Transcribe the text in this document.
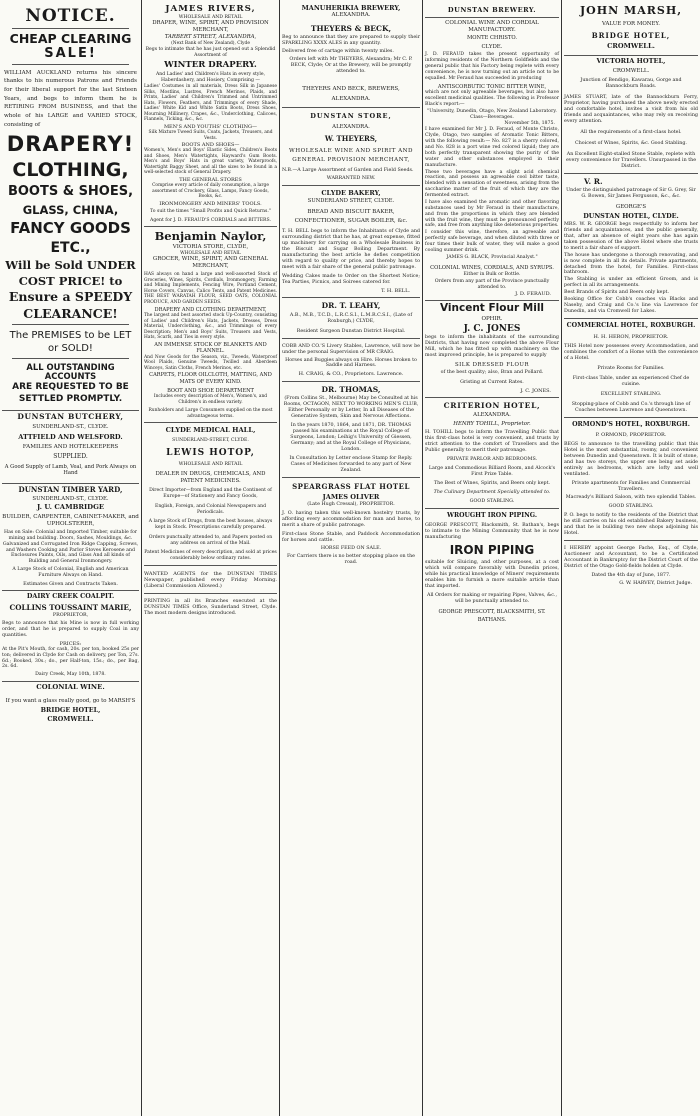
NOTICE.
CHEAP CLEARING
SALE!

WILLIAM AUCKLAND returns his sincere thanks to his numerous Patrons and Friends for their liberal support for the last Sixteen Years, and begs to inform them he is RETIRING FROM BUSINESS, and that the whole of his LARGE and VARIED STOCK, consisting of

DRAPERY!
CLOTHING,
BOOTS & SHOES,
GLASS, CHINA,
FANCY GOODS
ETC.,
Will be Sold UNDER
COST PRICE! to
Ensure a SPEEDY
CLEARANCE!
The PREMISES to be LET
or SOLD!
ALL OUTSTANDING ACCOUNTS
ARE REQUESTED TO BE
SETTLED PROMPTLY.
DUNSTAN BUTCHERY,
SUNDERLAND-ST., CLYDE.
ATTFIELD AND WELSFORD.
FAMILIES AND HOTELKEEPERS
SUPPLIED.
A Good Supply of Lamb, Veal, and Pork Always on Hand
DUNSTAN TIMBER YARD,
SUNDERLAND-ST., CLYDE.
J. U. CAMBRIDGE
BUILDER, CARPENTER, CABINET-MAKER, and UPHOLSTERER,

Has on Sale: Colonial and Imported Timber, suitable for mining and building. Doors, Sashes, Mouldings, &c. Galvanized and Corrugated Iron Ridge Capping, Screws, and Washers Cooking and Parlor Stoves Kerosene and Enclosures Paints, Oils, and Glass And all kinds of Building and General Ironmongery.

A Large Stock of Colonial, English and American Furniture Always on Hand.

Estimates Given and Contracts Taken.

DAIRY CREEK COALPIT.
COLLINS TOUSSAINT MARIE,
PROPRIETOR,

Begs to announce that his Mine is now in full working order, and that he is prepared to supply Coal in any quantities.

PRICES:

At the Pit's Mouth, for cash, 20s. per ton, booked 25s per ton; delivered in Clyde for Cash on delivery, per Ton, 27s. 6d.; Booked, 30s.; do., per Half-ton, 15s.; do., per Bag, 2s. 6d.

Dairy Creek, May 10th, 1878.

COLONIAL WINE.

If you want a glass really good, go to MARSH'S

BRIDGE HOTEL,
CROMWELL.
JAMES RIVERS,
WHOLESALE AND RETAIL
DRAPER, WINE, SPIRIT, AND PROVISION MERCHANT,
TARBERT STREET, ALEXANDRA,
(Next Bank of New Zealand), Clyde

Begs to intimate that he has just opened out a Splendid Assortment of

WINTER DRAPERY.

And Ladies' and Children's Hats in every style, Haberdashery, and Hosiery, Comprising —

Ladies' Costumes in all materials, Dress Silk in Japanese Silks, Mostlins, Lustres, French Merinos, Plaids, and Prints, Ladies' and Children's Trimmed and Untrimmed Hats, Flowers, Feathers, and Trimmings of every Shade, Ladies' White Kid and White Satin Boots, Dress Shoes, Mourning Millinery, Crapes, &c., Underclothing, Calicoes, Flannels, Ticking, &c., &c.

MEN'S AND YOUTHS' CLOTHING—

Silk Mixture Tweed Suits, Coats, Jackets, Trousers, and Vests.

BOOTS AND SHOES—

Women's, Men's and Boys' Elastic Sides, Children's Boots and Shoes, Men's Watertights, Hayward's Gum Boots. Men's and Boys' Hats in great variety, Waterproofs, Watertight Baggy Sheet, and all the sizes to be found in a well-selected stock of General Drapery.

THE GENERAL STORES

Comprise every article of daily consumption, a large assortment of Crockery, Glass, Lamps, Fancy Goods, Books, &c.

IRONMONGERY AND MINERS' TOOLS.

To suit the times "Small Profits and Quick Returns."

Agent for J. D. FERAUD'S CORDIALS and BITTERS.

Benjamin Naylor,
VICTORIA STORE, CLYDE,
WHOLESALE AND RETAIL
GROCER, WINE, SPIRIT, AND GENERAL MERCHANT,

HAS always on hand a large and well-assorted Stock of Groceries, Wines, Spirits, Cordials, Ironmongery, Farming and Mining Implements, Fencing Wire, Portland Cement, Horse Covers, Canvas, Calico Tents, and Patent Medicines. THE BEST WARATAH FLOUR, SEED OATS, COLONIAL PRODUCE, AND GARDEN SEEDS.

DRAPERY AND CLOTHING DEPARTMENT,

The largest and best assorted stock Up-Country, consisting of Ladies' and Children's Hats, Jackets, Dresses, Dress Material, Underclothing, &c., and Trimmings of every Description; Men's and Boys' Suits, Trousers and Vests, Hats, Scarfs, and Ties in every style.

AN IMMENSE STOCK OF BLANKETS AND FLANNEL.

And Now Goods for the Season, viz., Tweeds, Waterproof Wool Plaids, Genuine Tweeds, Twilled and Aberdeen Winceys, Satin Cloths, French Merinos, etc.

CARPETS, FLOOR OILCLOTH, MATTING, AND MATS OF EVERY KIND.
BOOT AND SHOE DEPARTMENT

Includes every description of Men's, Women's, and Children's in endless variety.

Runholders and Large Consumers supplied on the most advantageous terms.

CLYDE MEDICAL HALL,
SUNDERLAND-STREET, CLYDE.
LEWIS HOTOP,
WHOLESALE AND RETAIL
DEALER IN DRUGS, CHEMICALS, AND PATENT MEDICINES.

Direct Importer—from England and the Continent of Europe—of Stationery and Fancy Goods,

English, Foreign, and Colonial Newspapers and Periodicals.

A large Stock of Drugs, from the best houses, always kept in Stock. Prescriptions carefully prepared.

Orders punctually attended to, and Papers posted on any address on arrival of the Mail.

Patent Medicines of every description, and sold at prices considerably below ordinary rates.

WANTED AGENTS for the DUNSTAN TIMES Newspaper, published every Friday Morning. (Liberal Commission Allowed.)

PRINTING in all its Branches executed at the DUNSTAN TIMES Office, Sunderland Street, Clyde. The most modern designs introduced.

MANUHERIKIA BREWERY,
ALEXANDRA.
THEYERS & BECK,

Beg to announce that they are prepared to supply their SPARKLING XXXX ALES in any quantity.

Delivered free of cartage within twenty miles.

Orders left with Mr THEYERS, Alexandra; Mr C. P. BECK, Clyde; Or at the Brewery, will be promptly attended to.

THEYERS AND BECK, BREWERS, ALEXANDRA.

DUNSTAN STORE,
ALEXANDRA.
W. THEYERS,
WHOLESALE WINE AND SPIRIT AND GENERAL PROVISION MERCHANT,

N.B.—A Large Assortment of Garden and Field Seeds.

WARRANTED NEW.
CLYDE BAKERY,
SUNDERLAND STREET, CLYDE.

BREAD AND BISCUIT BAKER, CONFECTIONER, SUGAR BOILER, &c.

T. H. BELL begs to inform the Inhabitants of Clyde and surrounding district that he has, at great expense, fitted up machinery for carrying on a Wholesale Business in the Biscuit and Sugar Boiling Department. By manufacturing the best article he defies competition with regard to quality or price, and thereby hopes to meet with a fair share of the general public patronage.

Wedding Cakes made to Order on the Shortest Notice; Tea Parties, Picnics, and Soirees catered for.

T. H. BELL.
DR. T. LEAHY,

A.B., M.B., T.C.D., L.R.C.S.I., L.M.R.C.S.I., (Late of Roxburgh,) CLYDE,

Resident Surgeon Dunstan District Hospital.

COBB AND CO.'S Livery Stables, Lawrence, will now be under the personal Supervision of MR CRAIG.

Horses and Buggies always on Hire. Horses broken to Saddle and Harness.

H. CRAIG, & CO., Proprietors. Lawrence.

DR. THOMAS,

(From Collins St., Melbourne) May be Consulted at his Rooms, OCTAGON, NEXT TO WORKING MEN'S CLUB, Either Personally or by Letter, In all Diseases of the Generative System, Skin and Nervous Affections.

In the years 1870, 1864, and 1871, DR. THOMAS passed his examinations at the Royal College of Surgeons, London; Leihig's University of Giessen, Germany; and at the Royal College of Physicians, London.

In Consultation by Letter enclose Stamp for Reply. Cases of Medicines forwarded to any part of New Zealand.

SPEARGRASS FLAT HOTEL
JAMES OLIVER

(Late Hugh Cressal), PROPRIETOR.

J. O. having taken this well-known hostelry trusts, by affording every accommodation for man and horse, to merit a share of public patronage.

First-class Stone Stable, and Paddock Accommodation for horses and cattle.

HORSE FEED ON SALE.

For Carriers there is no better stopping place on the road.

DUNSTAN BREWERY.
COLONIAL WINE AND CORDIAL MANUFACTORY.
MONTE CHRISTO.
CLYDE.

J. D. FERAUD takes the present opportunity of informing residents of the Northern Goldfields and the general public that his Factory being replete with every convenience, he is now turning out an article not to be equalled. Mr Feraud has succeeded in producing

ANTISCORBUTIC TONIC BITTER WINE,

which are not only agreeable beverages, but also have excellent medicinal qualities. The following is Professor Black's report:—

"University, Dunedin, Otago, New Zealand Laboratory.

Class—Beverages.

November 5th, 1875.

I have examined for Mr J. D. Feraud, of Monte Christo, Clyde, Otago, two samples of Aromatic Tonic Bitters, with the following result:— No. 827 is a sherry colored, and No. 828 is a port wine red colored liquid; they are both perfectly transparent showing the purity of the water and other substances employed in their manufacture.

These two beverages have a slight acid chemical reaction, and possess an agreeable cool bitter taste, blended with a sensation of sweetness, arising from the saccharine matter of the fruit of which they are the fermented extract.

I have also examined the aromatic and other flavoring substances used by Mr Feraud in their manufacture, and from the proportions in which they are blended with the fruit wine, they must be pronounced perfectly safe, and free from anything like deleterious properties.

I consider this wine, therefore, an agreeable and perfectly safe beverage, and when diluted with three or four times their bulk of water, they will make a good cooling summer drink.

JAMES G. BLACK, Provincial Analyst."

COLONIAL WINES, CORDIALS, AND SYRUPS.

Either in Bulk or Bottle.

Orders from any part of the Province punctually attended to.

J. D. FERAUD.
Vincent Flour Mill
OPHIR.
J. C. JONES

begs to inform the inhabitants of the surrounding Districts, that having now completed the above Flour Mill, which he has fitted up with machinery on the most improved principle, he is prepared to supply

SILK DRESSED FLOUR

of the best quality; also, Bran and Pollard.

Gristing at Current Rates.

J. C. JONES.
CRITERION HOTEL,
ALEXANDRA.
HENRY TOHILL, Proprietor.

H. TOHILL begs to inform the Travelling Public that this first-class hotel is very convenient, and trusts by strict attention to the comfort of Travellers and the Public generally to merit their patronage.

PRIVATE PARLOR AND BEDROOMS.

Large and Commodious Billiard Room, and Alcock's First Prize Table.

The Best of Wines, Spirits, and Beers only kept.

The Culinary Department Specially attended to.

GOOD STABLING.
WROUGHT IRON PIPING.

GEORGE PRESCOTT, Blacksmith, St. Bathan's, begs to intimate to the Mining Community that he is now manufacturing

IRON PIPING

suitable for Sluicing, and other purposes, at a cost which will compare favorably with Dunedin prices, while his practical knowledge of Miners' requirements enables him to furnish a more suitable article than that imported.

All Orders for making or repairing Pipes, Valves, &c., will be punctually attended to.

GEORGE PRESCOTT, BLACKSMITH, ST. BATHANS.

JOHN MARSH,
VALUE FOR MONEY.
BRIDGE HOTEL,
CROMWELL.
VICTORIA HOTEL,
CROMWELL.

Junction of Bendigo, Kawarau, Gorge and Bannockburn Roads.

JAMES STUART, late of the Bannockburn Ferry, Proprietor, having purchased the above newly erected and comfortable hotel, invites a visit from his old friends and acquaintances, who may rely on receiving every attention.

All the requirements of a first-class hotel.

Choicest of Wines, Spirits, &c. Good Stabling.

An Excellent Eight-stalled Stone Stable, replete with every convenience for Travellers. Unsurpassed in the District.

V. R.

Under the distinguished patronage of Sir G. Grey, Sir G. Bowen, Sir James Fergusson, &c., &c.

GEORGE'S
DUNSTAN HOTEL, CLYDE.

MRS. W. R. GEORGE begs respectfully to inform her friends and acquaintances, and the public generally, that, after an absence of eight years she has again taken possession of the above Hotel where she trusts to merit a fair share of support.

The house has undergone a thorough renovating, and is now complete in all its details. Private apartments, detached from the hotel, for Families. First-class bathroom.

The Stabling is under an efficient Groom, and is perfect in all its arrangements.

Best Brands of Spirits and Beers only kept.

Booking Office for Cobb's coaches via Blacks and Naseby, and Craig and Co.'s line via Lawrence for Dunedin, and via Cromwell for Lakes.

COMMERCIAL HOTEL, ROXBURGH.
H. H. HERON, PROPRIETOR.

THIS Hotel now possesses every Accommodation, and combines the comfort of a Home with the convenience of a Hotel.

Private Rooms for Families.

First-class Table, under an experienced Chef de cuisine.

EXCELLENT STABLING.

Stopping-place of Cobb and Co.'s through line of Coaches between Lawrence and Queenstown.

ORMOND'S HOTEL, ROXBURGH.
P. ORMOND, PROPRIETOR.

BEGS to announce to the travelling public that this Hotel is the most substantial, roomy, and convenient between Dunedin and Queenstown. It is built of stone, and has two storeys, the upper one being set aside entirely as bedrooms, which are lofty and well ventilated.

Private apartments for Families and Commercial Travellers.

Macready's Billiard Saloon, with two splendid Tables.

GOOD STABLING.

P. O. begs to notify to the residents of the District that he still carries on his old established Bakery business, and that he is building two new shops adjoining his Hotel.

I HEREBY appoint George Fache, Esq., of Clyde, Auctioneer and Accountant, to be a Certificated Accountant in Bankruptcy for the District Court of the District of the Otago Gold-fields holden at Clyde.

Dated the 4th day of June, 1877.

G. W. HARVEY, District Judge.
